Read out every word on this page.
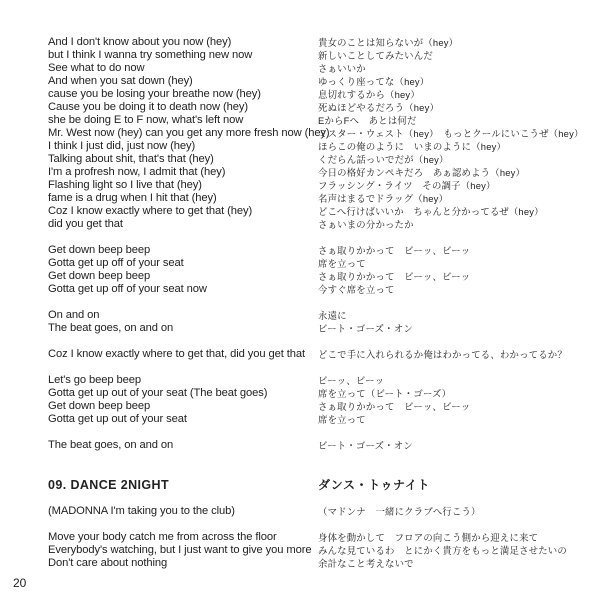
And I don't know about you now (hey)
but I think I wanna try something new now
See what to do now
And when you sat down (hey)
cause you be losing your breathe now (hey)
Cause you be doing it to death now (hey)
she be doing E to F now, what's left now
Mr. West now (hey) can you get any more fresh now (hey)
I think I just did, just now (hey)
Talking about shit, that's that (hey)
I'm a profresh now, I admit that (hey)
Flashing light so I live that (hey)
fame is a drug when I hit that (hey)
Coz I know exactly where to get that (hey)
did you get that
Get down beep beep
Gotta get up off of your seat
Get down beep beep
Gotta get up off of your seat now
On and on
The beat goes, on and on
Coz I know exactly where to get that, did you get that
Let's go beep beep
Gotta get up out of your seat (The beat goes)
Get down beep beep
Gotta get up out of your seat
The beat goes, on and on
09. DANCE 2NIGHT
(MADONNA I'm taking you to the club)
Move your body catch me from across the floor
Everybody's watching, but I just want to give you more
Don't care about nothing
貴女のことは知らないが（hey）
新しいことしてみたいんだ
さぁいいか
ゆっくり座ってな（hey）
息切れするから（hey）
死ぬほどやるだろう（hey）
EからFへ　あとは何だ
ミスター・ウェスト（hey）　もっとクールにいこうぜ（hey）
ほらこの俺のように　いまのように（hey）
くだらん話っいでだが（hey）
今日の格好カンペキだろ　あぁ認めよう（hey）
フラッシング・ライツ　その調子（hey）
名声はまるでドラッグ（hey）
どこへ行けばいいか　ちゃんと分かってるぜ（hey）
さぁいまの分かったか
さぁ取りかかって　ビーッ、ビーッ
席を立って
さぁ取りかかって　ビーッ、ビーッ
今すぐ席を立って
永遠に
ビート・ゴーズ・オン
どこで手に入れられるか俺はわかってる、わかってるか？
ビーッ、ビーッ
席を立って（ビート・ゴーズ）
さぁ取りかかって　ビーッ、ビーッ
席を立って
ビート・ゴーズ・オン
ダンス・トゥナイト
（マドンナ　一緒にクラブへ行こう）
身体を動かして　フロアの向こう側から迎えに来て
みんな見ているわ　とにかく貴方をもっと満足させたいの
余計なこと考えないで
20
